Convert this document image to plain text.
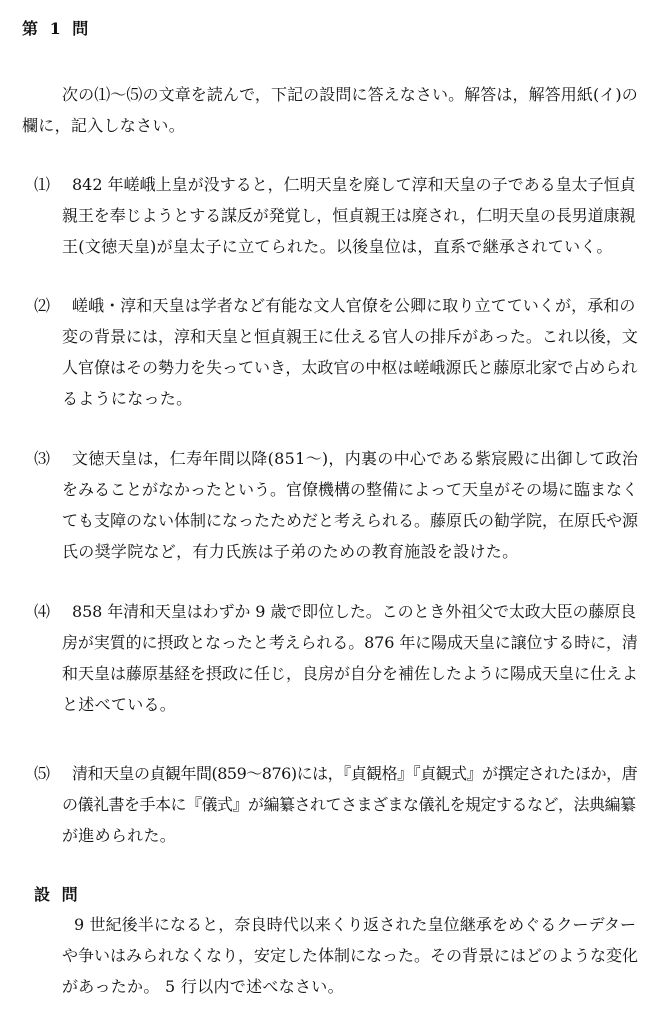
第 1 問
次の⑴～⑸の文章を読んで，下記の設問に答えなさい。解答は，解答用紙(イ)の
欄に，記入しなさい。
⑴ 842 年嵯峨上皇が没すると，仁明天皇を廃して淳和天皇の子である皇太子恒貞
親王を奉じようとする謀反が発覚し，恒貞親王は廃され，仁明天皇の長男道康親
王(文徳天皇)が皇太子に立てられた。以後皇位は，直系で継承されていく。
⑵ 嵯峨・淳和天皇は学者など有能な文人官僚を公卿に取り立てていくが，承和の
変の背景には，淳和天皇と恒貞親王に仕える官人の排斥があった。これ以後，文
人官僚はその勢力を失っていき，太政官の中枢は嵯峨源氏と藤原北家で占められ
るようになった。
⑶ 文徳天皇は，仁寿年間以降(851～)，内裏の中心である紫宸殿に出御して政治
をみることがなかったという。官僚機構の整備によって天皇がその場に臨まなく
ても支障のない体制になったためだと考えられる。藤原氏の勧学院，在原氏や源
氏の奨学院など，有力氏族は子弟のための教育施設を設けた。
⑷ 858 年清和天皇はわずか 9 歳で即位した。このとき外祖父で太政大臣の藤原良
房が実質的に摂政となったと考えられる。876 年に陽成天皇に譲位する時に，清
和天皇は藤原基経を摂政に任じ，良房が自分を補佐したように陽成天皇に仕えよ
と述べている。
⑸ 清和天皇の貞観年間(859～876)には，『貞観格』『貞観式』が撰定されたほか，唐
の儀礼書を手本に『儀式』が編纂されてさまざまな儀礼を規定するなど，法典編纂
が進められた。
設 問
9 世紀後半になると，奈良時代以来くり返された皇位継承をめぐるクーデター
や争いはみられなくなり，安定した体制になった。その背景にはどのような変化
があったか。 5 行以内で述べなさい。
